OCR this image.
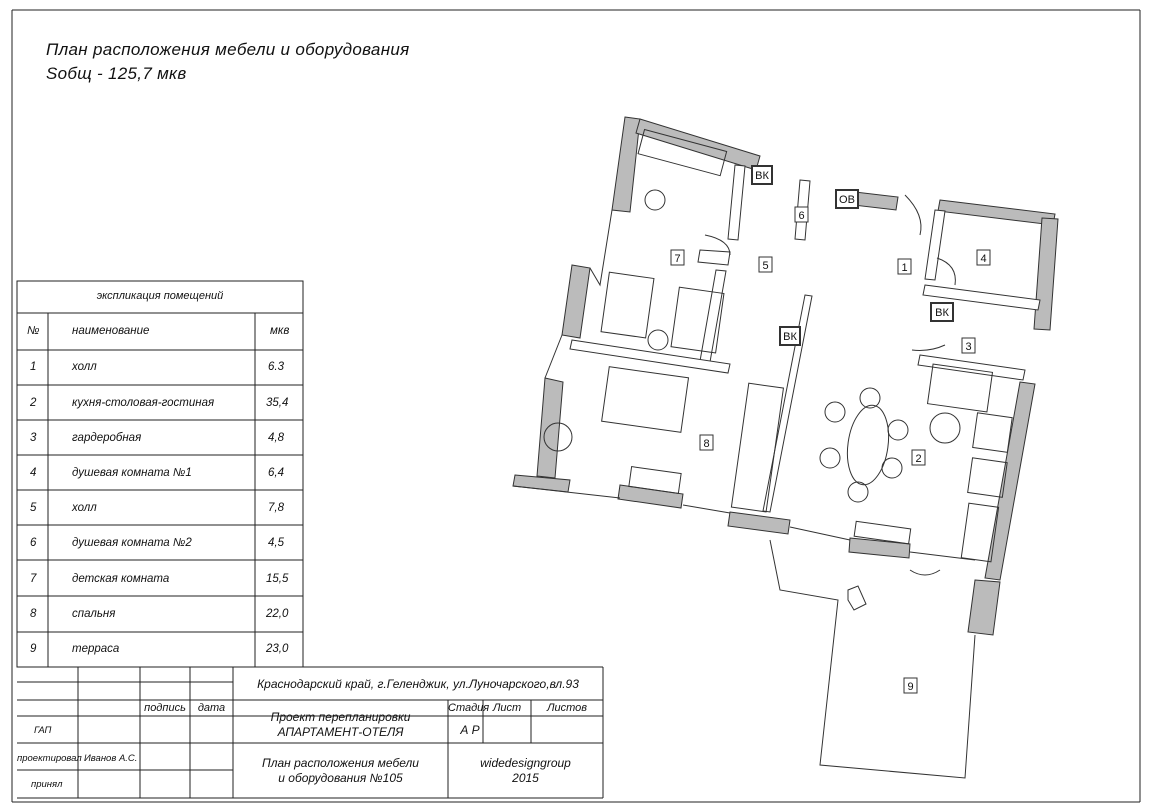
План расположения мебели и оборудования
Sобщ - 125,7 мкв
экспликация помещений
№	наименование	мкв
1	холл	6.3
2	кухня-столовая-гостиная	35,4
3	гардеробная	4,8
4	душевая комната №1	6,4
5	холл	7,8
6	душевая комната №2	4,5
7	детская комната	15,5
8	спальня	22,0
9	терраса	23,0
Краснодарский край, г.Геленджик, ул.Луночарского,вл.93
подпись	дата
ГАП
проектировал Иванов А.С.
принял
Проект перепланировки
АПАРТАМЕНТ-ОТЕЛЯ
Стадия Лист	Листов
А Р
План расположения мебели
и оборудования №105
widedesigngroup
2015
1
2
3
4
5
6
7
8
9
ВК
ОВ
ВК
ВК
